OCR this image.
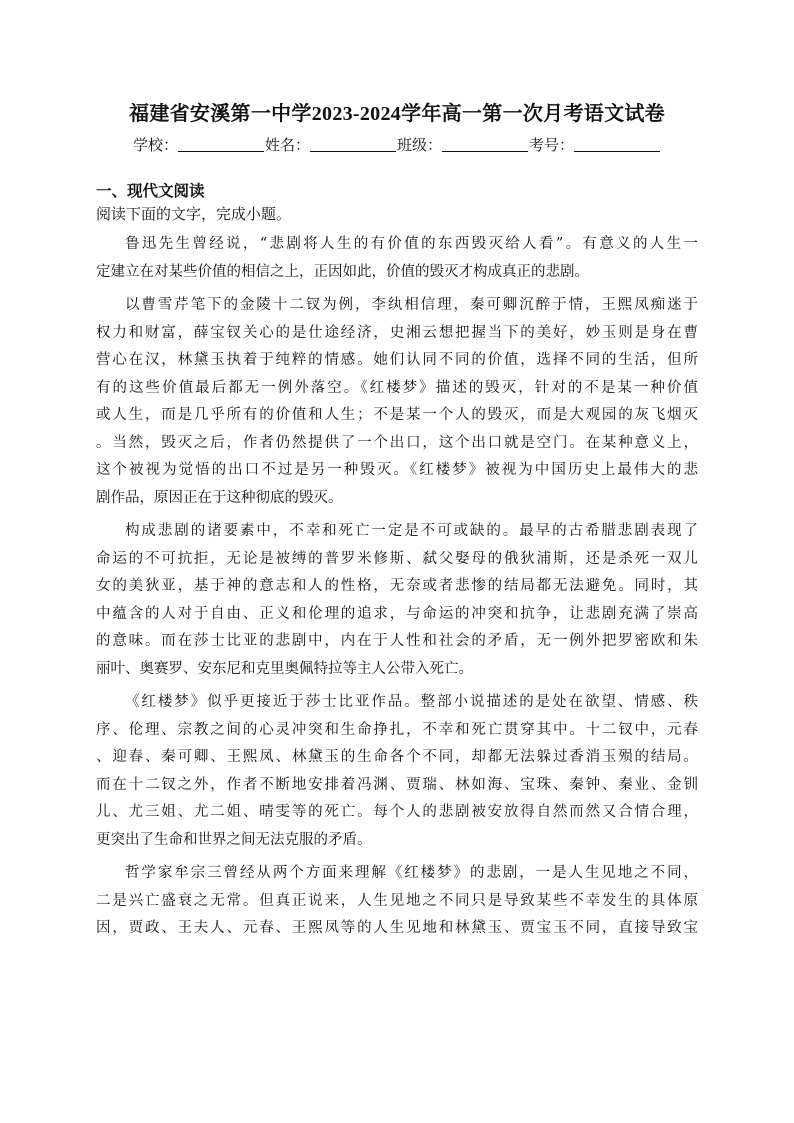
福建省安溪第一中学2023-2024学年高一第一次月考语文试卷
学校：	姓名：	班级：	考号：
一、现代文阅读
阅读下面的文字，完成小题。
鲁迅先生曾经说，“悲剧将人生的有价值的东西毁灭给人看”。有意义的人生一
定建立在对某些价值的相信之上，正因如此，价值的毁灭才构成真正的悲剧。
以曹雪芹笔下的金陵十二钗为例，李纨相信理，秦可卿沉醉于情，王熙凤痴迷于
权力和财富，薛宝钗关心的是仕途经济，史湘云想把握当下的美好，妙玉则是身在曹
营心在汉，林黛玉执着于纯粹的情感。她们认同不同的价值，选择不同的生活，但所
有的这些价值最后都无一例外落空。《红楼梦》描述的毁灭，针对的不是某一种价值
或人生，而是几乎所有的价值和人生；不是某一个人的毁灭，而是大观园的灰飞烟灭
。当然，毁灭之后，作者仍然提供了一个出口，这个出口就是空门。在某种意义上，
这个被视为觉悟的出口不过是另一种毁灭。《红楼梦》被视为中国历史上最伟大的悲
剧作品，原因正在于这种彻底的毁灭。
构成悲剧的诸要素中，不幸和死亡一定是不可或缺的。最早的古希腊悲剧表现了
命运的不可抗拒，无论是被缚的普罗米修斯、弑父娶母的俄狄浦斯，还是杀死一双儿
女的美狄亚，基于神的意志和人的性格，无奈或者悲惨的结局都无法避免。同时，其
中蕴含的人对于自由、正义和伦理的追求，与命运的冲突和抗争，让悲剧充满了崇高
的意味。而在莎士比亚的悲剧中，内在于人性和社会的矛盾，无一例外把罗密欧和朱
丽叶、奥赛罗、安东尼和克里奥佩特拉等主人公带入死亡。
《红楼梦》似乎更接近于莎士比亚作品。整部小说描述的是处在欲望、情感、秩
序、伦理、宗教之间的心灵冲突和生命挣扎，不幸和死亡贯穿其中。十二钗中，元春
、迎春、秦可卿、王熙凤、林黛玉的生命各个不同，却都无法躲过香消玉殒的结局。
而在十二钗之外，作者不断地安排着冯渊、贾瑞、林如海、宝珠、秦钟、秦业、金钏
儿、尤三姐、尤二姐、晴雯等的死亡。每个人的悲剧被安放得自然而然又合情合理，
更突出了生命和世界之间无法克服的矛盾。
哲学家牟宗三曾经从两个方面来理解《红楼梦》的悲剧，一是人生见地之不同，
二是兴亡盛衰之无常。但真正说来，人生见地之不同只是导致某些不幸发生的具体原
因，贾政、王夫人、元春、王熙凤等的人生见地和林黛玉、贾宝玉不同，直接导致宝
